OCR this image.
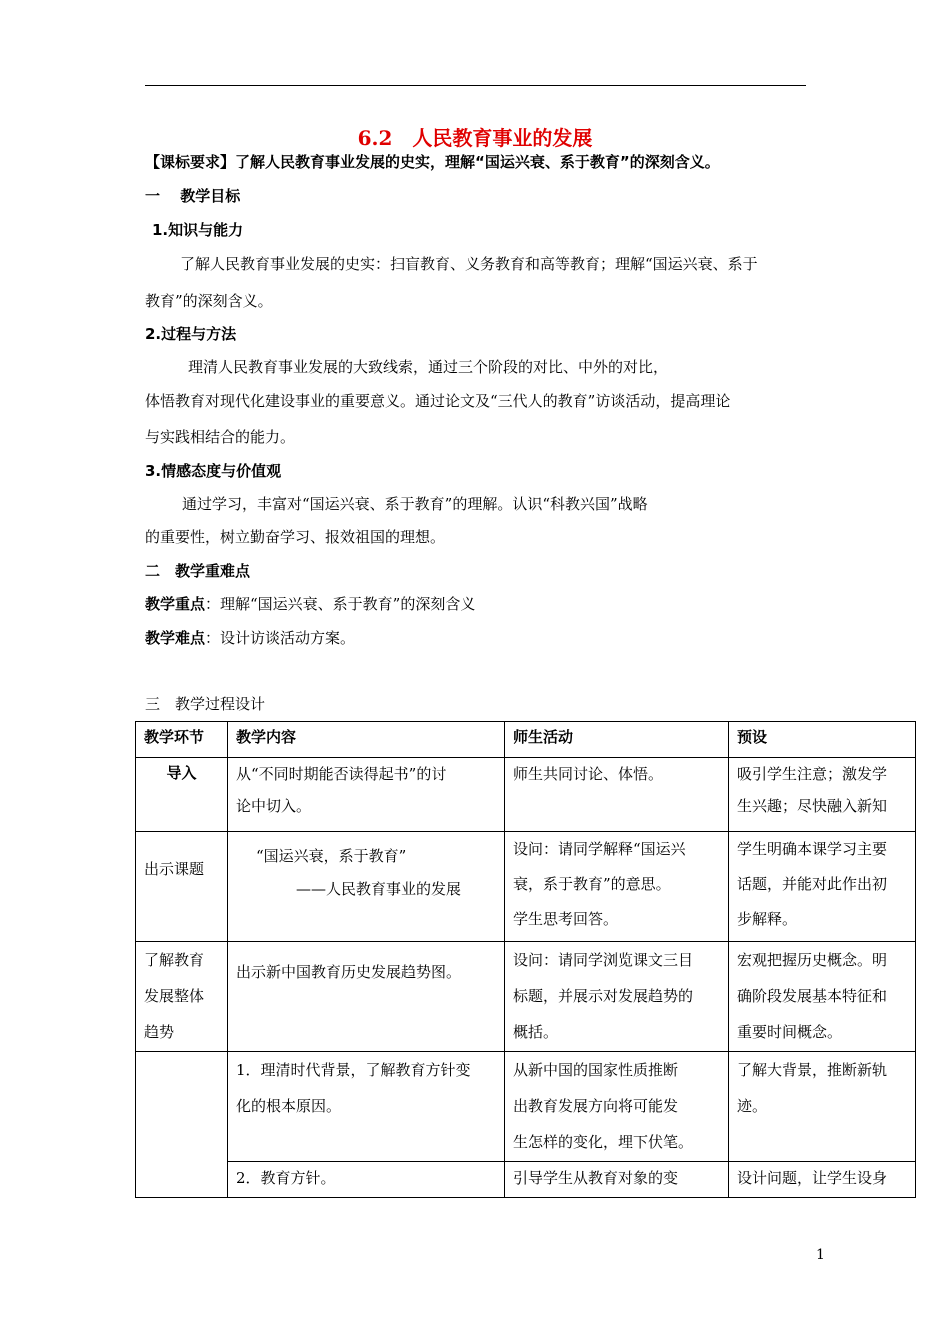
6.2　人民教育事业的发展
【课标要求】了解人民教育事业发展的史实，理解“国运兴衰、系于教育”的深刻含义。
一　 教学目标
1.知识与能力
了解人民教育事业发展的史实：扫盲教育、义务教育和高等教育；理解“国运兴衰、系于
教育”的深刻含义。
2.过程与方法
理清人民教育事业发展的大致线索，通过三个阶段的对比、中外的对比，
体悟教育对现代化建设事业的重要意义。通过论文及“三代人的教育”访谈活动，提高理论
与实践相结合的能力。
3.情感态度与价值观
通过学习，丰富对“国运兴衰、系于教育”的理解。认识“科教兴国”战略
的重要性，树立勤奋学习、报效祖国的理想。
二　教学重难点
教学重点：理解“国运兴衰、系于教育”的深刻含义
教学难点：设计访谈活动方案。
三　教学过程设计
教学环节	教学内容	师生活动	预设
导入	从“不同时期能否读得起书”的讨
论中切入。	师生共同讨论、体悟。	吸引学生注意；激发学
生兴趣；尽快融入新知

出示课题	“国运兴衰，系于教育”
——人民教育事业的发展	设问：请同学解释“国运兴
衰，系于教育”的意思。
学生思考回答。	学生明确本课学习主要
话题，并能对此作出初
步解释。

了解教育
发展整体
趋势	出示新中国教育历史发展趋势图。	设问：请同学浏览课文三目
标题，并展示对发展趋势的
概括。	宏观把握历史概念。明
确阶段发展基本特征和
重要时间概念。

	1．理清时代背景，了解教育方针变
化的根本原因。	从新中国的国家性质推断
出教育发展方向将可能发
生怎样的变化，埋下伏笔。	了解大背景，推断新轨
迹。

	2．教育方针。	引导学生从教育对象的变	设计问题，让学生设身
1
